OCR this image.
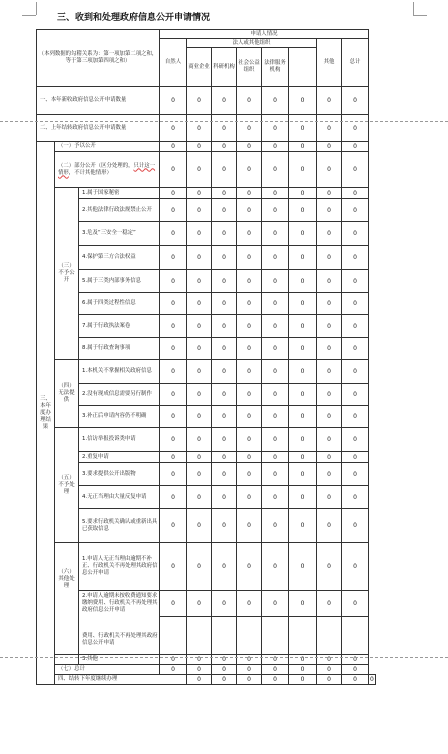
三、收到和处理政府信息公开申请情况
（本列数据的勾稽关系为：第一项加第二项之和，等于第三项加第四项之和）			申请人情况								
			自然人	法人或其他组织					其他	总计	
				商业企业	科研机构	社会公益组织	法律服务机构				
一、本年新收政府信息公开申请数量			0	0	0	0	0	0	0	0	
二、上年结转政府信息公开申请数量			0	0	0	0	0	0	0	0	
三、本年度办理结果	（一）予以公开		0	0	0	0	0	0	0	0	
	（二）部分公开（区分处理的，只计这一情形，不计其他情形）		0	0	0	0	0	0	0	0	
	（三）不予公开	1.属于国家秘密	0	0	0	0	0	0	0	0	
		2.其他法律行政法规禁止公开	0	0	0	0	0	0	0	0	
		3.危及“三安全一稳定”	0	0	0	0	0	0	0	0	
		4.保护第三方合法权益	0	0	0	0	0	0	0	0	
		5.属于三类内部事务信息	0	0	0	0	0	0	0	0	
		6.属于四类过程性信息	0	0	0	0	0	0	0	0	
		7.属于行政执法案卷	0	0	0	0	0	0	0	0	
		8.属于行政查询事项	0	0	0	0	0	0	0	0	
	（四）无法提供	1.本机关不掌握相关政府信息	0	0	0	0	0	0	0	0	
		2.没有现成信息需要另行制作	0	0	0	0	0	0	0	0	
		3.补正后申请内容仍不明确	0	0	0	0	0	0	0	0	
	（五）不予处理	1.信访举报投诉类申请	0	0	0	0	0	0	0	0	
		2.重复申请	0	0	0	0	0	0	0	0	
		3.要求提供公开出版物	0	0	0	0	0	0	0	0	
		4.无正当理由大量反复申请	0	0	0	0	0	0	0	0	
		5.要求行政机关确认或重新出具已获取信息	0	0	0	0	0	0	0	0	
	（六）其他处理	1.申请人无正当理由逾期不补正、行政机关不再处理其政府信息公开申请	0	0	0	0	0	0	0	0	
		2.申请人逾期未按收费通知要求缴纳费用、行政机关不再处理其政府信息公开申请	0	0	0	0	0	0	0	0	

		费用、行政机关不再处理其政府信息公开申请									
		3.其他	0	0	0	0	0	0	0	0	
	（七）总计		0	0	0	0	0	0	0	0	
	四、结转下年度继续办理			0	0	0	0	0	0	0	0
